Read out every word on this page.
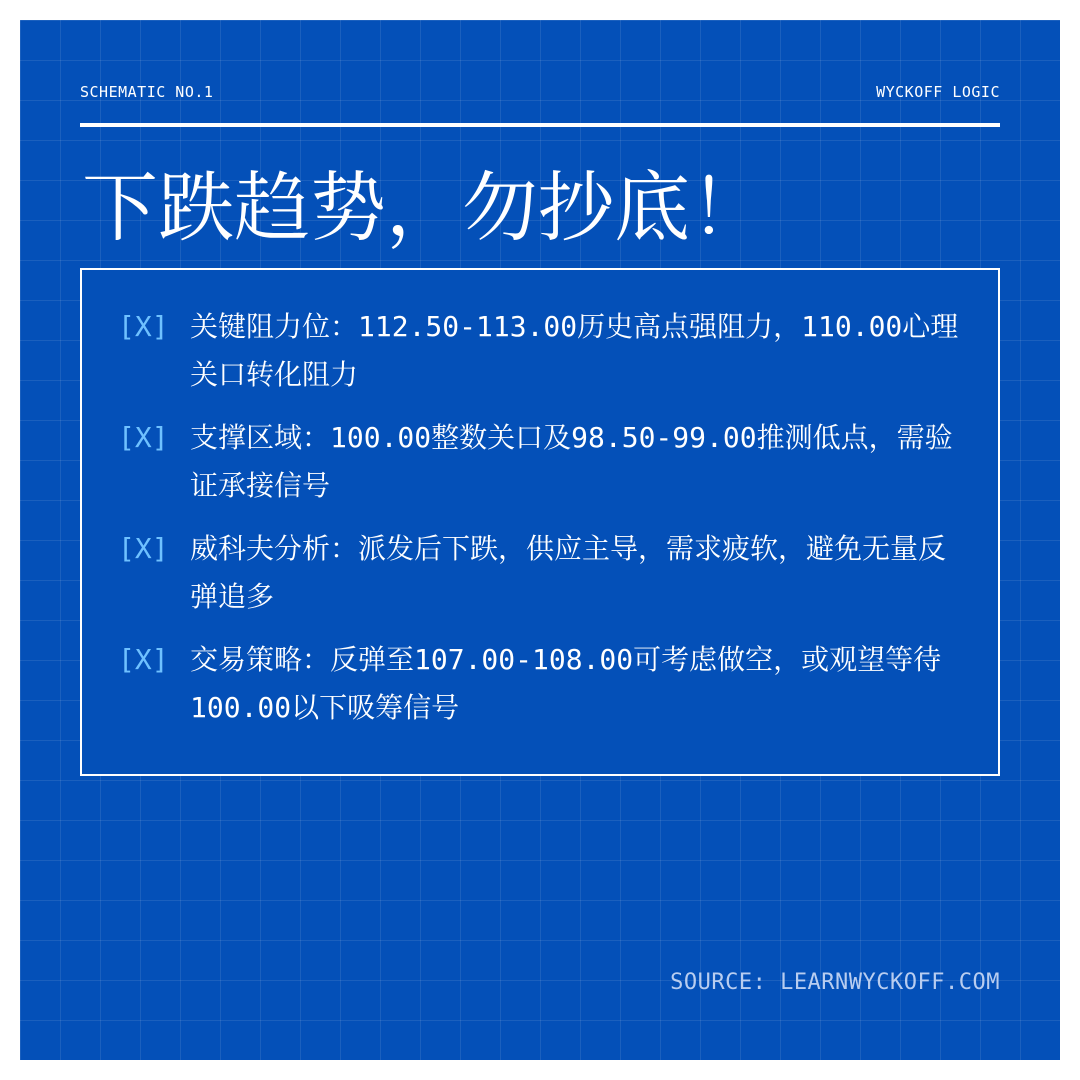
SCHEMATIC NO.1	WYCKOFF LOGIC
下跌趋势，勿抄底！
[X] 关键阻力位：112.50-113.00历史高点强阻力，110.00心理关口转化阻力
[X] 支撑区域：100.00整数关口及98.50-99.00推测低点，需验证承接信号
[X] 威科夫分析：派发后下跌，供应主导，需求疲软，避免无量反弹追多
[X] 交易策略：反弹至107.00-108.00可考虑做空，或观望等待100.00以下吸筹信号
SOURCE: LEARNWYCKOFF.COM
